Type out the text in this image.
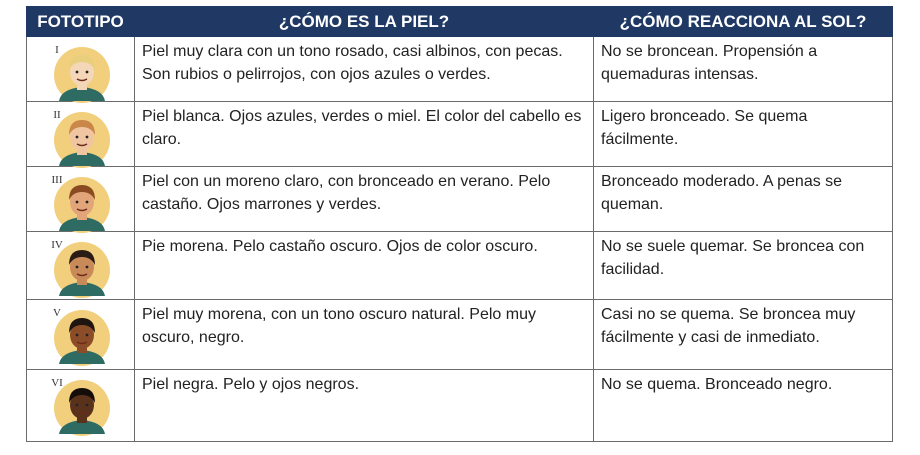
FOTOTIPO	¿CÓMO ES LA PIEL?	¿CÓMO REACCIONA AL SOL?

I	Piel muy clara con un tono rosado, casi albinos, con pecas. Son rubios o pelirrojos, con ojos azules o verdes.	No se broncean. Propensión a quemaduras intensas.

II	Piel blanca. Ojos azules, verdes o miel. El color del cabello es claro.	Ligero bronceado. Se quema fácilmente.

III	Piel con un moreno claro, con bronceado en verano. Pelo castaño. Ojos marrones y verdes.	Bronceado moderado. A penas se queman.

IV	Pie morena. Pelo castaño oscuro. Ojos de color oscuro.	No se suele quemar. Se broncea con facilidad.

V	Piel muy morena, con un tono oscuro natural. Pelo muy oscuro, negro.	Casi no se quema. Se broncea muy fácilmente y casi de inmediato.

VI	Piel negra. Pelo y ojos negros.	No se quema. Bronceado negro.
